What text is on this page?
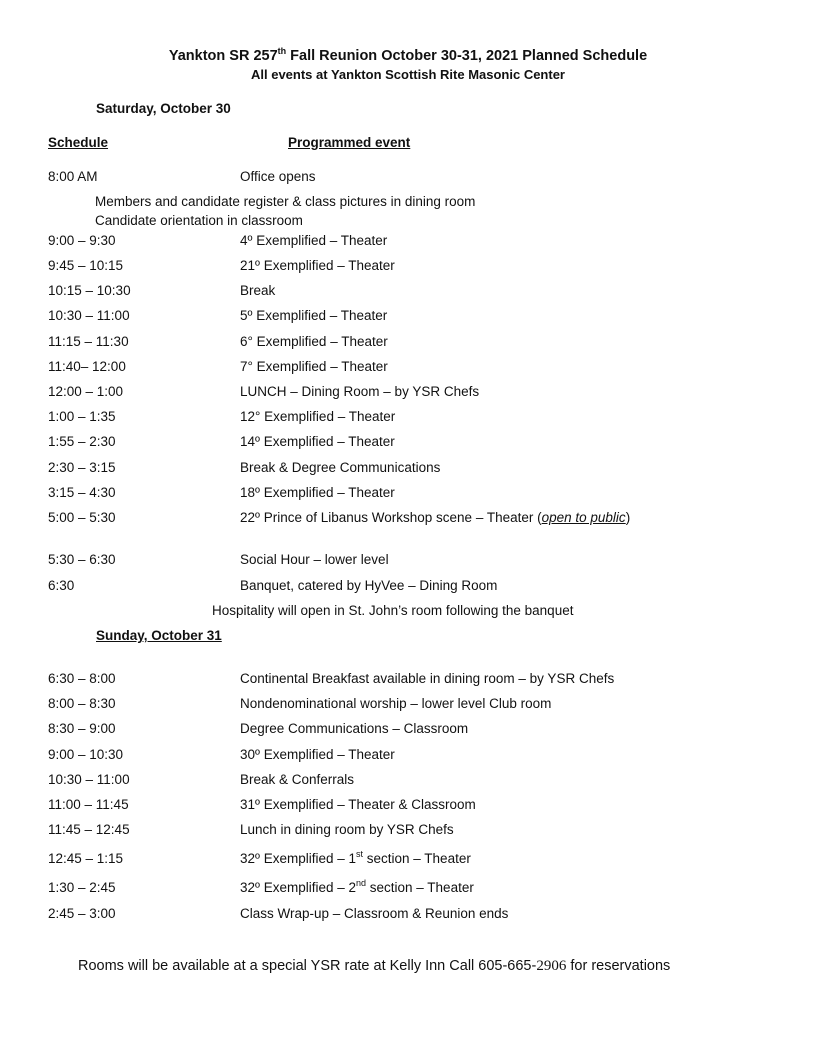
Yankton SR 257th Fall Reunion October 30-31, 2021 Planned Schedule
All events at Yankton Scottish Rite Masonic Center
Saturday, October 30
Schedule	Programmed event
8:00 AM	Office opens
Members and candidate register & class pictures in dining room
Candidate orientation in classroom
9:00 – 9:30	4º Exemplified – Theater
9:45 – 10:15	21º Exemplified – Theater
10:15 – 10:30	Break
10:30 – 11:00	5º Exemplified – Theater
11:15 – 11:30	6° Exemplified – Theater
11:40– 12:00	7° Exemplified – Theater
12:00 – 1:00	LUNCH – Dining Room – by YSR Chefs
1:00 – 1:35	12° Exemplified – Theater
1:55 – 2:30	14º Exemplified – Theater
2:30 – 3:15	Break & Degree Communications
3:15 – 4:30	18º Exemplified – Theater
5:00 – 5:30	22º Prince of Libanus Workshop scene – Theater (open to public)
5:30 – 6:30	Social Hour – lower level
6:30	Banquet, catered by HyVee – Dining Room
Hospitality will open in St. John’s room following the banquet
Sunday, October 31
6:30 – 8:00	Continental Breakfast available in dining room – by YSR Chefs
8:00 – 8:30	Nondenominational worship – lower level Club room
8:30 – 9:00	Degree Communications – Classroom
9:00 – 10:30	30º Exemplified – Theater
10:30 – 11:00	Break & Conferrals
11:00 – 11:45	31º Exemplified – Theater & Classroom
11:45 – 12:45	Lunch in dining room by YSR Chefs
12:45 – 1:15	32º Exemplified – 1st section – Theater
1:30 – 2:45	32º Exemplified – 2nd section – Theater
2:45 – 3:00	Class Wrap-up – Classroom & Reunion ends
Rooms will be available at a special YSR rate at Kelly Inn Call 605-665-2906 for reservations
